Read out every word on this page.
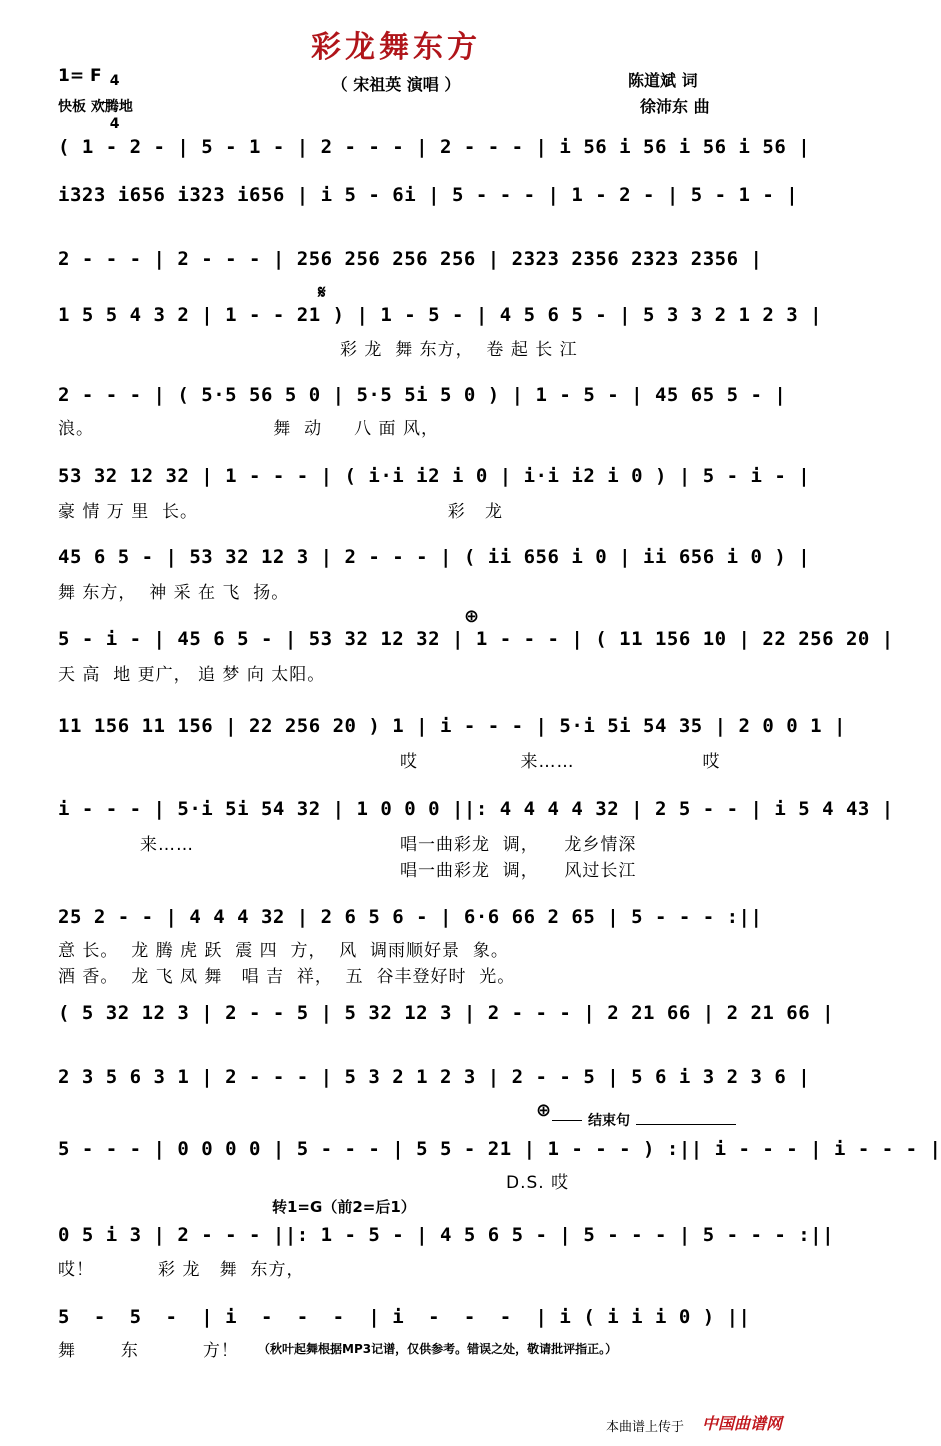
彩龙舞东方
（ 宋祖英 演唱 ）
1= F 4

4

快板 欢腾地
陈道斌 词
徐沛东 曲
( 1 - 2 - | 5 - 1 - | 2 - - - | 2 - - - | i 56 i 56 i 56 i 56 |
i323 i656 i323 i656 | i 5 - 6i | 5 - - - | 1 - 2 - | 5 - 1 - |
2 - - - | 2 - - - | 256 256 256 256 | 2323 2356 2323 2356 |
𝄋
1 5 5 4 3 2 | 1 - - 21 ) | 1 - 5 - | 4 5 6 5 - | 5 3 3 2 1 2 3 |
彩 龙  舞 东方，  卷 起 长 江
2 - - - | ( 5·5 56 5 0 | 5·5 5i 5 0 ) | 1 - 5 - | 45 65 5 - |
浪。                            舞  动     八 面 风，
53 32 12 32 | 1 - - - | ( i·i i2 i 0 | i·i i2 i 0 ) | 5 - i - |
豪 情 万 里  长。                                       彩   龙
45 6 5 - | 53 32 12 3 | 2 - - - | ( ii 656 i 0 | ii 656 i 0 ) |
舞 东方，  神 采 在 飞  扬。
⊕
5 - i - | 45 6 5 - | 53 32 12 32 | 1 - - - | ( 11 156 10 | 22 256 20 |
天 高  地 更广， 追 梦 向 太阳。
11 156 11 156 | 22 256 20 ) 1 | i - - - | 5·i 5i 54 35 | 2 0 0 1 |
哎                来……                    哎
i - - - | 5·i 5i 54 32 | 1 0 0 0 ||: 4 4 4 4 32 | 2 5 - - | i 5 4 43 |
来……	唱一曲彩龙  调，    龙乡情深
唱一曲彩龙  调，    风过长江
25 2 - - | 4 4 4 32 | 2 6 5 6 - | 6·6 66 2 65 | 5 - - - :||
意 长。  龙 腾 虎 跃  震 四  方，  风  调雨顺好景  象。
酒 香。  龙 飞 凤 舞   唱 吉  祥，  五  谷丰登好时  光。
( 5 32 12 3 | 2 - - 5 | 5 32 12 3 | 2 - - - | 2 21 66 | 2 21 66 |
2 3 5 6 3 1 | 2 - - - | 5 3 2 1 2 3 | 2 - - 5 | 5 6 i 3 2 3 6 |
⊕	结束句
5 - - - | 0 0 0 0 | 5 - - - | 5 5 - 21 | 1 - - - ) :|| i - - - | i - - - |
D.S. 哎
转1=G（前2=后1）
0 5 i 3 | 2 - - - ||: 1 - 5 - | 4 5 6 5 - | 5 - - - | 5 - - - :||
哎！          彩 龙   舞  东方，
5  -  5  -  | i  -  -  -  | i  -  -  -  | i ( i i i 0 ) ||
舞       东          方！ （秋叶起舞根据MP3记谱，仅供参考。错误之处，敬请批评指正。）
本曲谱上传于 中国曲谱网
